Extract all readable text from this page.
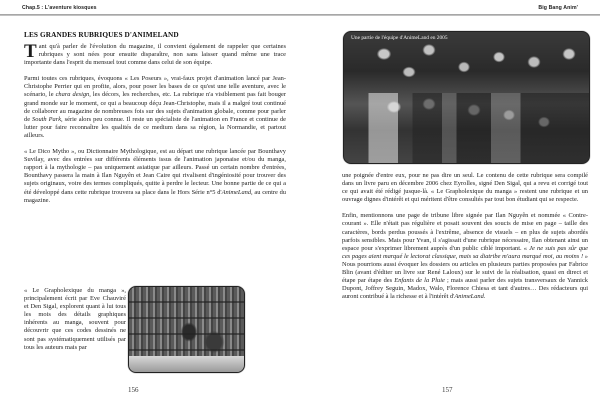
Chap.5 : L'aventure kiosques
LES GRANDES RUBRIQUES D'ANIMELAND

Tant qu'à parler de l'évolution du magazine, il convient également de rappeler que certaines rubriques y sont nées pour ensuite disparaître, non sans laisser quand même une trace importante dans l'esprit du mensuel tout comme dans celui de son équipe.

Parmi toutes ces rubriques, évoquons « Les Poseurs », vrai-faux projet d'animation lancé par Jean-Christophe Perrier qui en profite, alors, pour poser les bases de ce qu'est une telle aventure, avec le scénario, le chara design, les décors, les recherches, etc. La rubrique n'a visiblement pas fait bouger grand monde sur le moment, ce qui a beaucoup déçu Jean-Christophe, mais il a malgré tout continué de collaborer au magazine de nombreuses fois sur des sujets d'animation globale, comme pour parler de South Park, série alors peu connue. Il reste un spécialiste de l'animation en France et continue de lutter pour faire reconnaître les qualités de ce medium dans sa région, la Normandie, et partout ailleurs.

« Le Dico Mytho », ou Dictionnaire Mythologique, est au départ une rubrique lancée par Bounthavy Suvilay, avec des entrées sur différents éléments issus de l'animation japonaise et/ou du manga, rapport à la mythologie – pas uniquement asiatique par ailleurs. Passé un certain nombre d'entrées, Bounthavy passera la main à Ilan Nguyên et Jean Caire qui rivalisent d'ingéniosité pour trouver des sujets originaux, voire des termes compliqués, quitte à perdre le lecteur. Une bonne partie de ce qui a été développé dans cette rubrique trouvera sa place dans le Hors Série n°5 d'AnimeLand, au centre du magazine.

« Le Grapholexique du manga », principalement écrit par Eve Chauviré et Den Sigal, explorent quant à lui tous les mois des détails graphiques inhérents au manga, souvent pour découvrir que ces codes dessinés ne sont pas systématiquement utilisés par tous les auteurs mais par

156
Big Bang Anim'
Une partie de l'équipe d'AnimeLand en 2005

une poignée d'entre eux, pour ne pas dire un seul. Le contenu de cette rubrique sera compilé dans un livre paru en décembre 2006 chez Eyrolles, signé Den Sigal, qui a revu et corrigé tout ce qui avait été rédigé jusque-là. « Le Grapholexique du manga » restent une rubrique et un ouvrage dignes d'intérêt et qui méritent d'être consultés par tout bon étudiant qui se respecte.

Enfin, mentionnons une page de tribune libre signée par Ilan Nguyên et nommée « Contre-courant ». Elle n'était pas régulière et posait souvent des soucis de mise en page – taille des caractères, bords perdus poussés à l'extrême, absence de visuels – en plus de sujets abordés parfois sensibles. Mais pour Yvan, il s'agissait d'une rubrique nécessaire, Ilan obtenant ainsi un espace pour s'exprimer librement auprès d'un public ciblé important. « Je ne suis pas sûr que ces pages aient marqué le lectorat classique, mais sa diatribe m'aura marqué moi, au moins ! » Nous pourrions aussi évoquer les dossiers ou articles en plusieurs parties proposées par Fabrice Blin (avant d'éditer un livre sur René Laloux) sur le suivi de la réalisation, quasi en direct et étape par étape des Enfants de la Pluie ; mais aussi parler des sujets transversaux de Yannick Dupont, Joffrey Seguin, Madox, Walo, Florence Chiesa et tant d'autres… Des rédacteurs qui auront contribué à la richesse et à l'intérêt d'AnimeLand.

157
